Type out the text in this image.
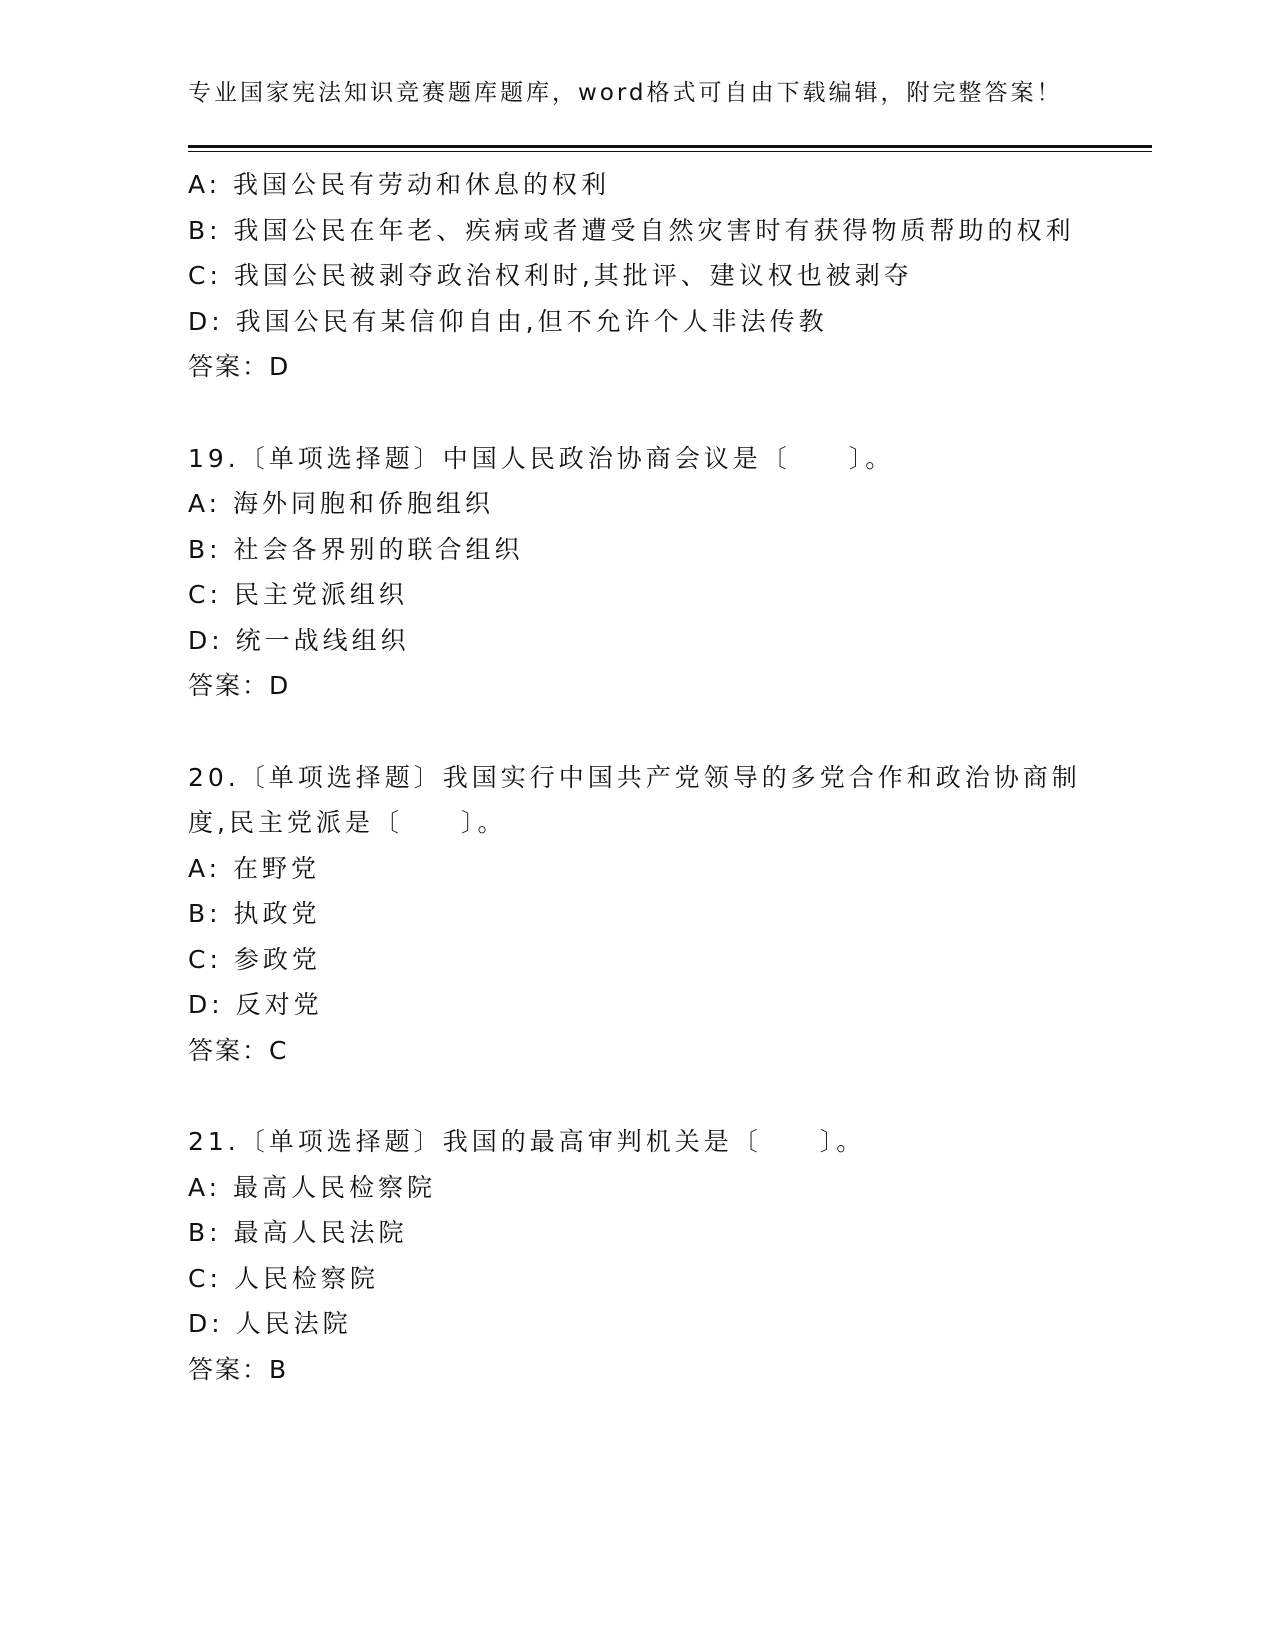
专业国家宪法知识竞赛题库题库，word格式可自由下载编辑，附完整答案！
A: 我国公民有劳动和休息的权利
B: 我国公民在年老、疾病或者遭受自然灾害时有获得物质帮助的权利
C: 我国公民被剥夺政治权利时,其批评、建议权也被剥夺
D: 我国公民有某信仰自由,但不允许个人非法传教
答案：D
19.〔单项选择题〕中国人民政治协商会议是〔　　〕。
A: 海外同胞和侨胞组织
B: 社会各界别的联合组织
C: 民主党派组织
D: 统一战线组织
答案：D
20.〔单项选择题〕我国实行中国共产党领导的多党合作和政治协商制
度,民主党派是〔　　〕。
A: 在野党
B: 执政党
C: 参政党
D: 反对党
答案：C
21.〔单项选择题〕我国的最高审判机关是〔　　〕。
A: 最高人民检察院
B: 最高人民法院
C: 人民检察院
D: 人民法院
答案：B
